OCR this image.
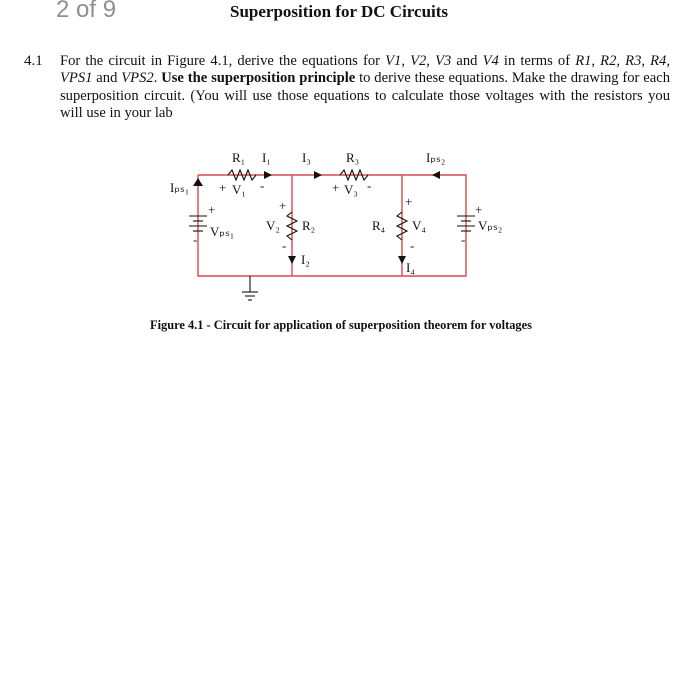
2 of 9	Superposition for DC Circuits
4.1 For the circuit in Figure 4.1, derive the equations for V1, V2, V3 and V4 in terms of R1, R2, R3, R4, VPS1 and VPS2. Use the superposition principle to derive these equations. Make the drawing for each superposition circuit. (You will use those equations to calculate those voltages with the resistors you will use in your lab
R₁ I₁ I₃	R₃	Iₚₛ₂
+ V₁ -	+ V₃ -
Iₚₛ₁
+
Vₚₛ₁
-
+
V₂ R₂
-
I₂
R₄
+
V₄
-
I₄
+
Vₚₛ₂
-
Figure 4.1 - Circuit for application of superposition theorem for voltages
